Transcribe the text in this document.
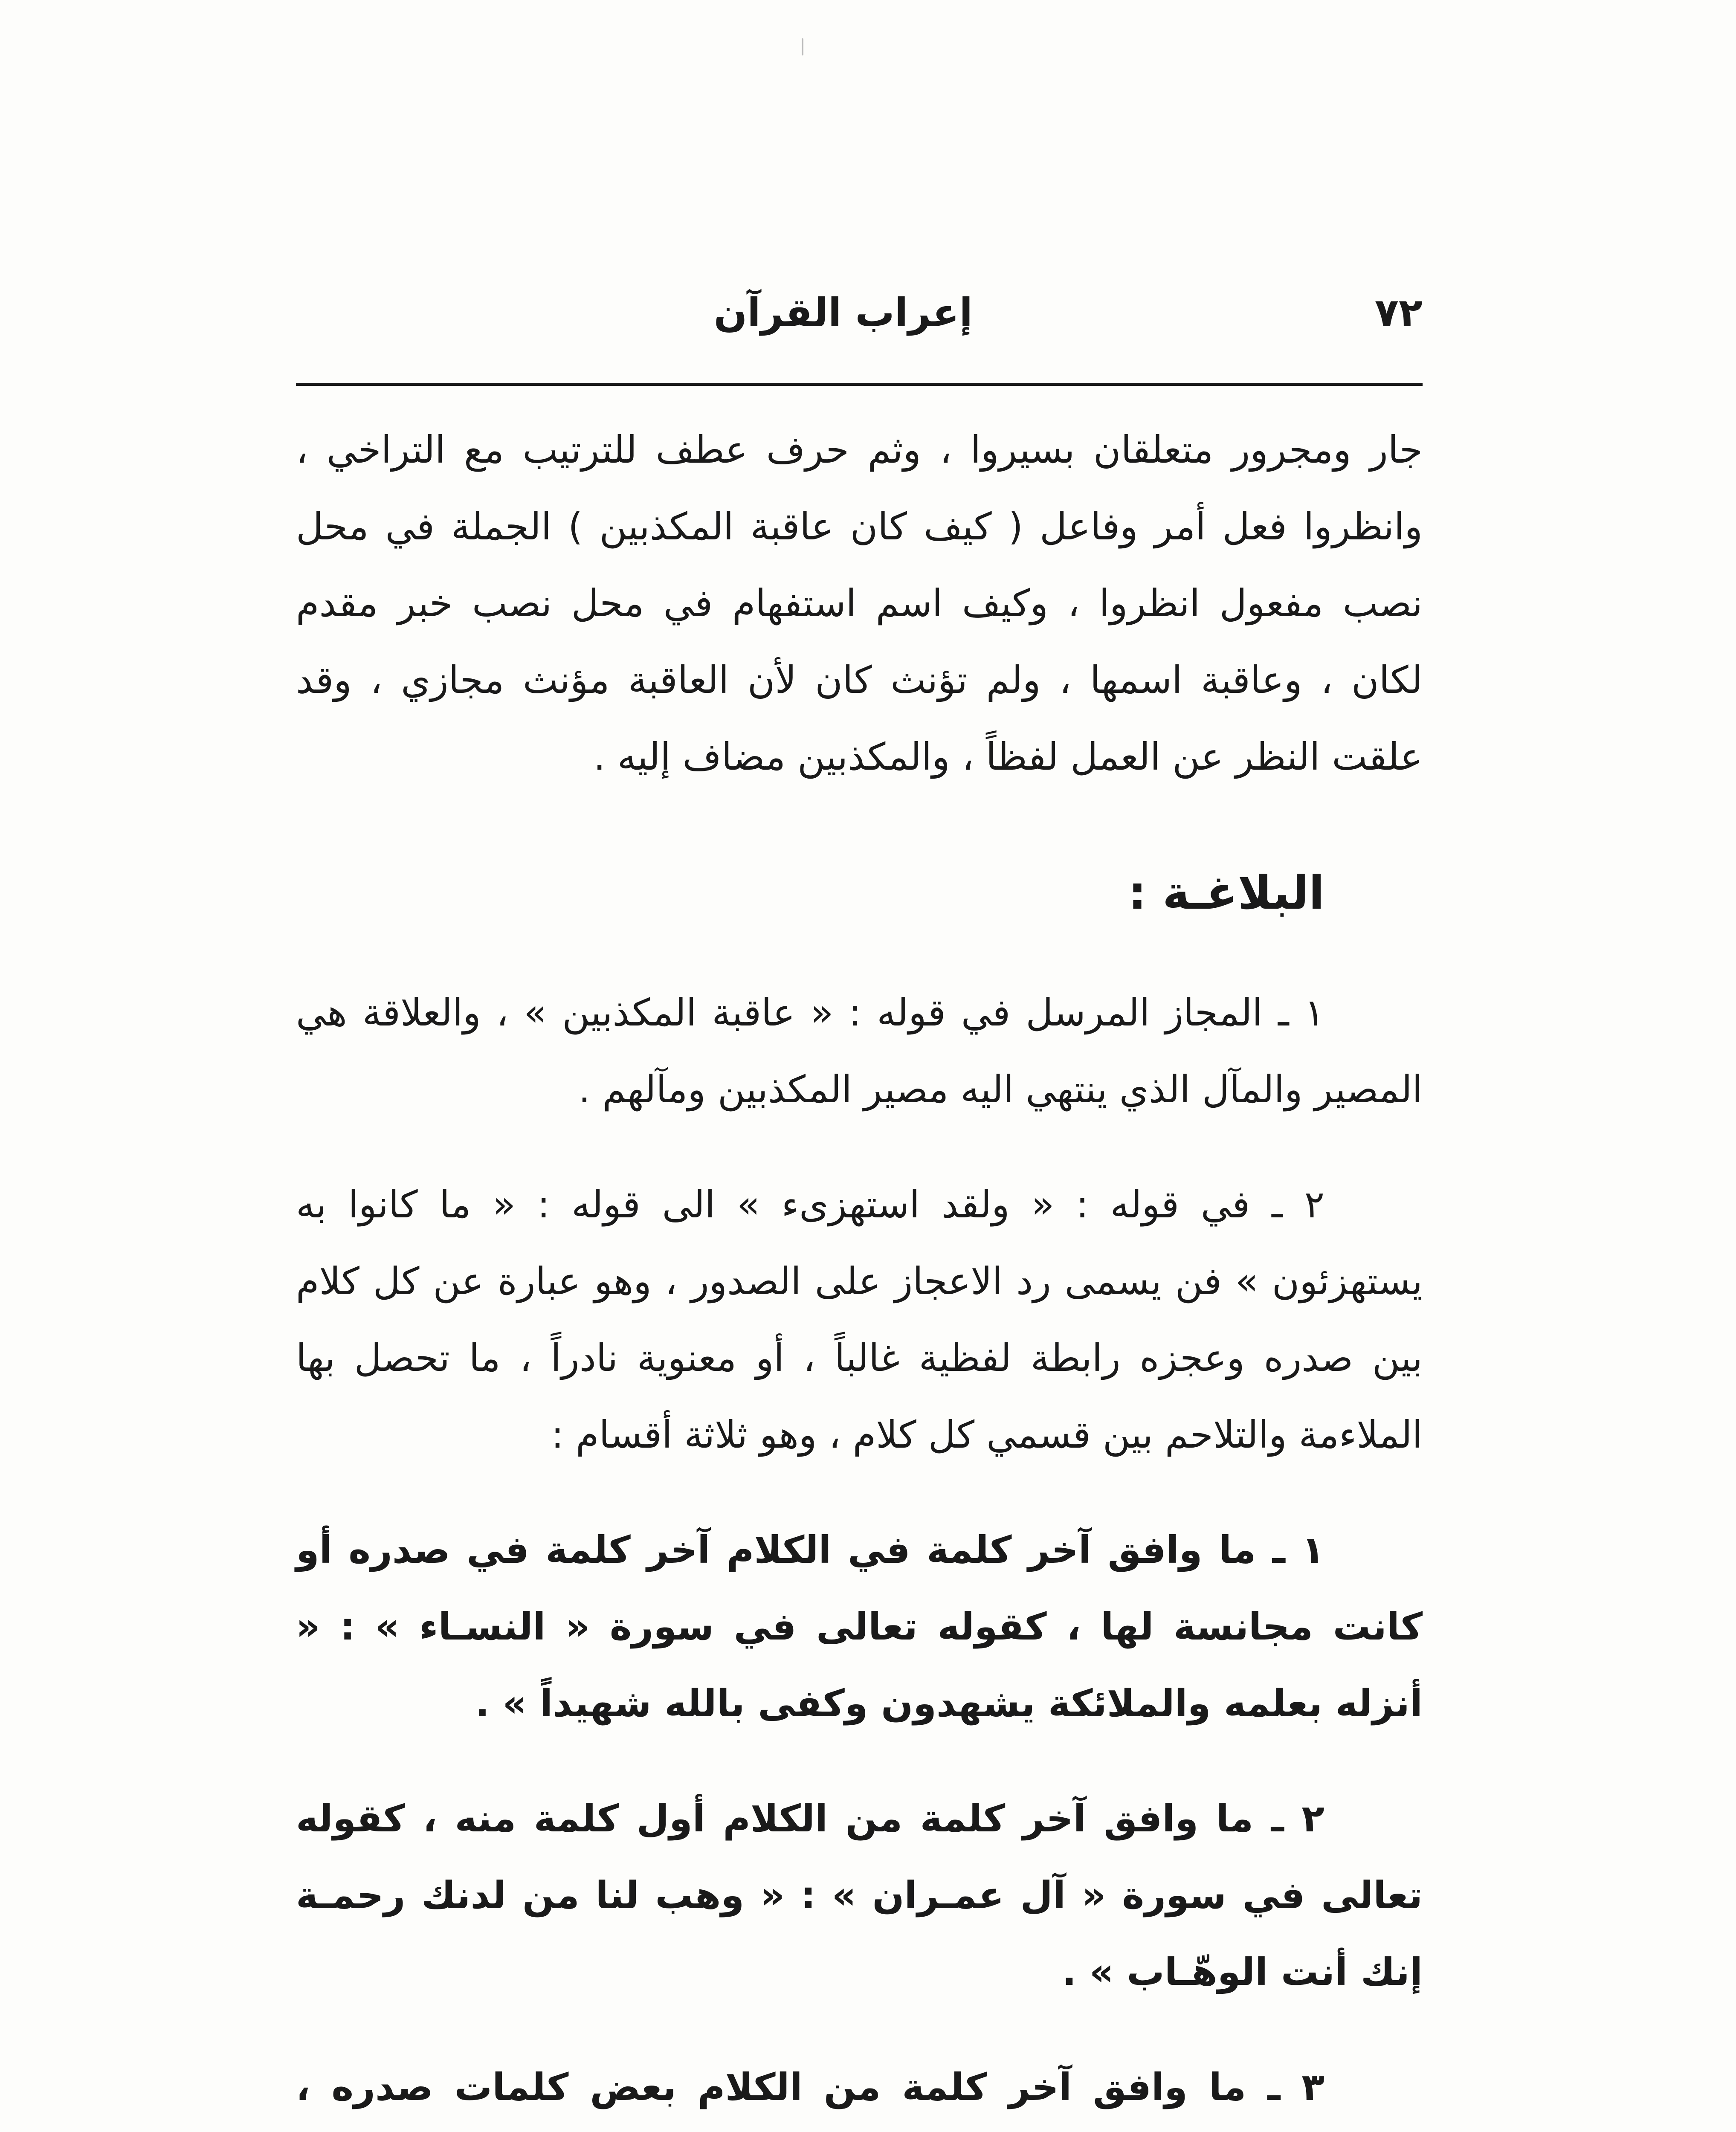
٧٢
إعراب القرآن

جار ومجرور متعلقان بسيروا ، وثم حرف عطف للترتيب مع التراخي ، وانظروا فعل أمر وفاعل ( كيف كان عاقبة المكذبين ) الجملة في محل نصب مفعول انظروا ، وكيف اسم استفهام في محل نصب خبر مقدم لكان ، وعاقبة اسمها ، ولم تؤنث كان لأن العاقبة مؤنث مجازي ، وقد علقت النظر عن العمل لفظاً ، والمكذبين مضاف إليه .

البلاغـة :

١ ـ المجاز المرسل في قوله : « عاقبة المكذبين » ، والعلاقة هي المصير والمآل الذي ينتهي اليه مصير المكذبين ومآلهم .

٢ ـ في قوله : « ولقد استهزىء » الى قوله : « ما كانوا به يستهزئون » فن يسمى رد الاعجاز على الصدور ، وهو عبارة عن كل كلام بين صدره وعجزه رابطة لفظية غالباً ، أو معنوية نادراً ، ما تحصل بها الملاءمة والتلاحم بين قسمي كل كلام ، وهو ثلاثة أقسام :

١ ـ ما وافق آخر كلمة في الكلام آخر كلمة في صدره أو كانت مجانسة لها ، كقوله تعالى في سورة « النسـاء » : « أنزله بعلمه والملائكة يشهدون وكفى بالله شهيداً » .

٢ ـ ما وافق آخر كلمة من الكلام أول كلمة منه ، كقوله تعالى في سورة « آل عمـران » : « وهب لنا من لدنك رحمـة إنك أنت الوهّـاب » .

٣ ـ ما وافق آخر كلمة من الكلام بعض كلمات صدره ،
